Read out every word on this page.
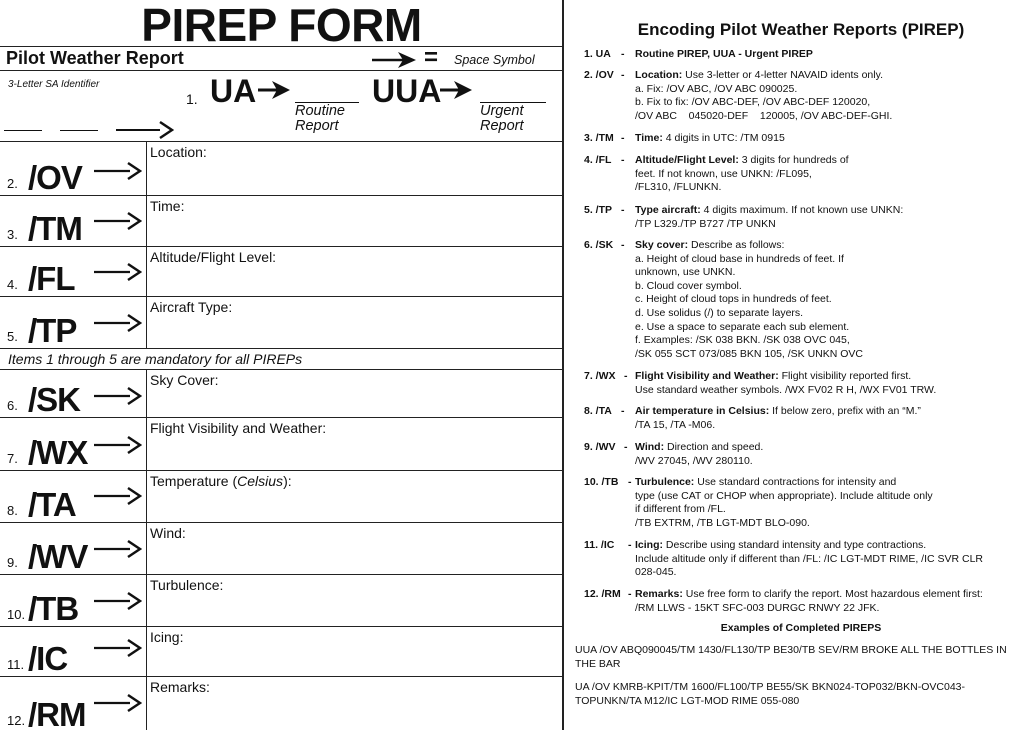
PIREP FORM
Pilot Weather Report	= Space Symbol
3-Letter SA Identifier
1. UA
Routine
Report
UUA
Urgent
Report
2. /OV
Location:
3. /TM
Time:
4. /FL
Altitude/Flight Level:
5. /TP
Aircraft Type:
Items 1 through 5 are mandatory for all PIREPs
6. /SK
Sky Cover:
7. /WX
Flight Visibility and Weather:
8. /TA
Temperature (Celsius):
9. /WV
Wind:
10. /TB
Turbulence:
11. /IC
Icing:
12. /RM
Remarks:
Encoding Pilot Weather Reports (PIREP)
1. UA - Routine PIREP, UUA - Urgent PIREP
2. /OV - Location: Use 3-letter or 4-letter NAVAID idents only.
a. Fix: /OV ABC, /OV ABC 090025.
b. Fix to fix: /OV ABC-DEF, /OV ABC-DEF 120020,
/OV ABC    045020-DEF    120005, /OV ABC-DEF-GHI.
3. /TM - Time: 4 digits in UTC: /TM 0915
4. /FL - Altitude/Flight Level: 3 digits for hundreds of
feet. If not known, use UNKN: /FL095,
/FL310, /FLUNKN.
5. /TP - Type aircraft: 4 digits maximum. If not known use UNKN:
/TP L329./TP B727 /TP UNKN
6. /SK - Sky cover: Describe as follows:
a. Height of cloud base in hundreds of feet. If
unknown, use UNKN.
b. Cloud cover symbol.
c. Height of cloud tops in hundreds of feet.
d. Use solidus (/) to separate layers.
e. Use a space to separate each sub element.
f. Examples: /SK 038 BKN. /SK 038 OVC 045,
/SK 055 SCT 073/085 BKN 105, /SK UNKN OVC
7. /WX - Flight Visibility and Weather: Flight visibility reported first.
Use standard weather symbols. /WX FV02 R H, /WX FV01 TRW.
8. /TA - Air temperature in Celsius: If below zero, prefix with an “M.”
/TA 15, /TA -M06.
9. /WV - Wind: Direction and speed.
/WV 27045, /WV 280110.
10. /TB - Turbulence: Use standard contractions for intensity and
type (use CAT or CHOP when appropriate). Include altitude only
if different from /FL.
/TB EXTRM, /TB LGT-MDT BLO-090.
11. /IC - Icing: Describe using standard intensity and type contractions.
Include altitude only if different than /FL: /IC LGT-MDT RIME, /IC SVR CLR
028-045.
12. /RM - Remarks: Use free form to clarify the report. Most hazardous element first:
/RM LLWS - 15KT SFC-003 DURGC RNWY 22 JFK.
Examples of Completed PIREPS
UUA /OV ABQ090045/TM 1430/FL130/TP BE30/TB SEV/RM BROKE ALL THE BOTTLES IN THE BAR
UA /OV KMRB-KPIT/TM 1600/FL100/TP BE55/SK BKN024-TOP032/BKN-OVC043-TOPUNKN/TA M12/IC LGT-MOD RIME 055-080
